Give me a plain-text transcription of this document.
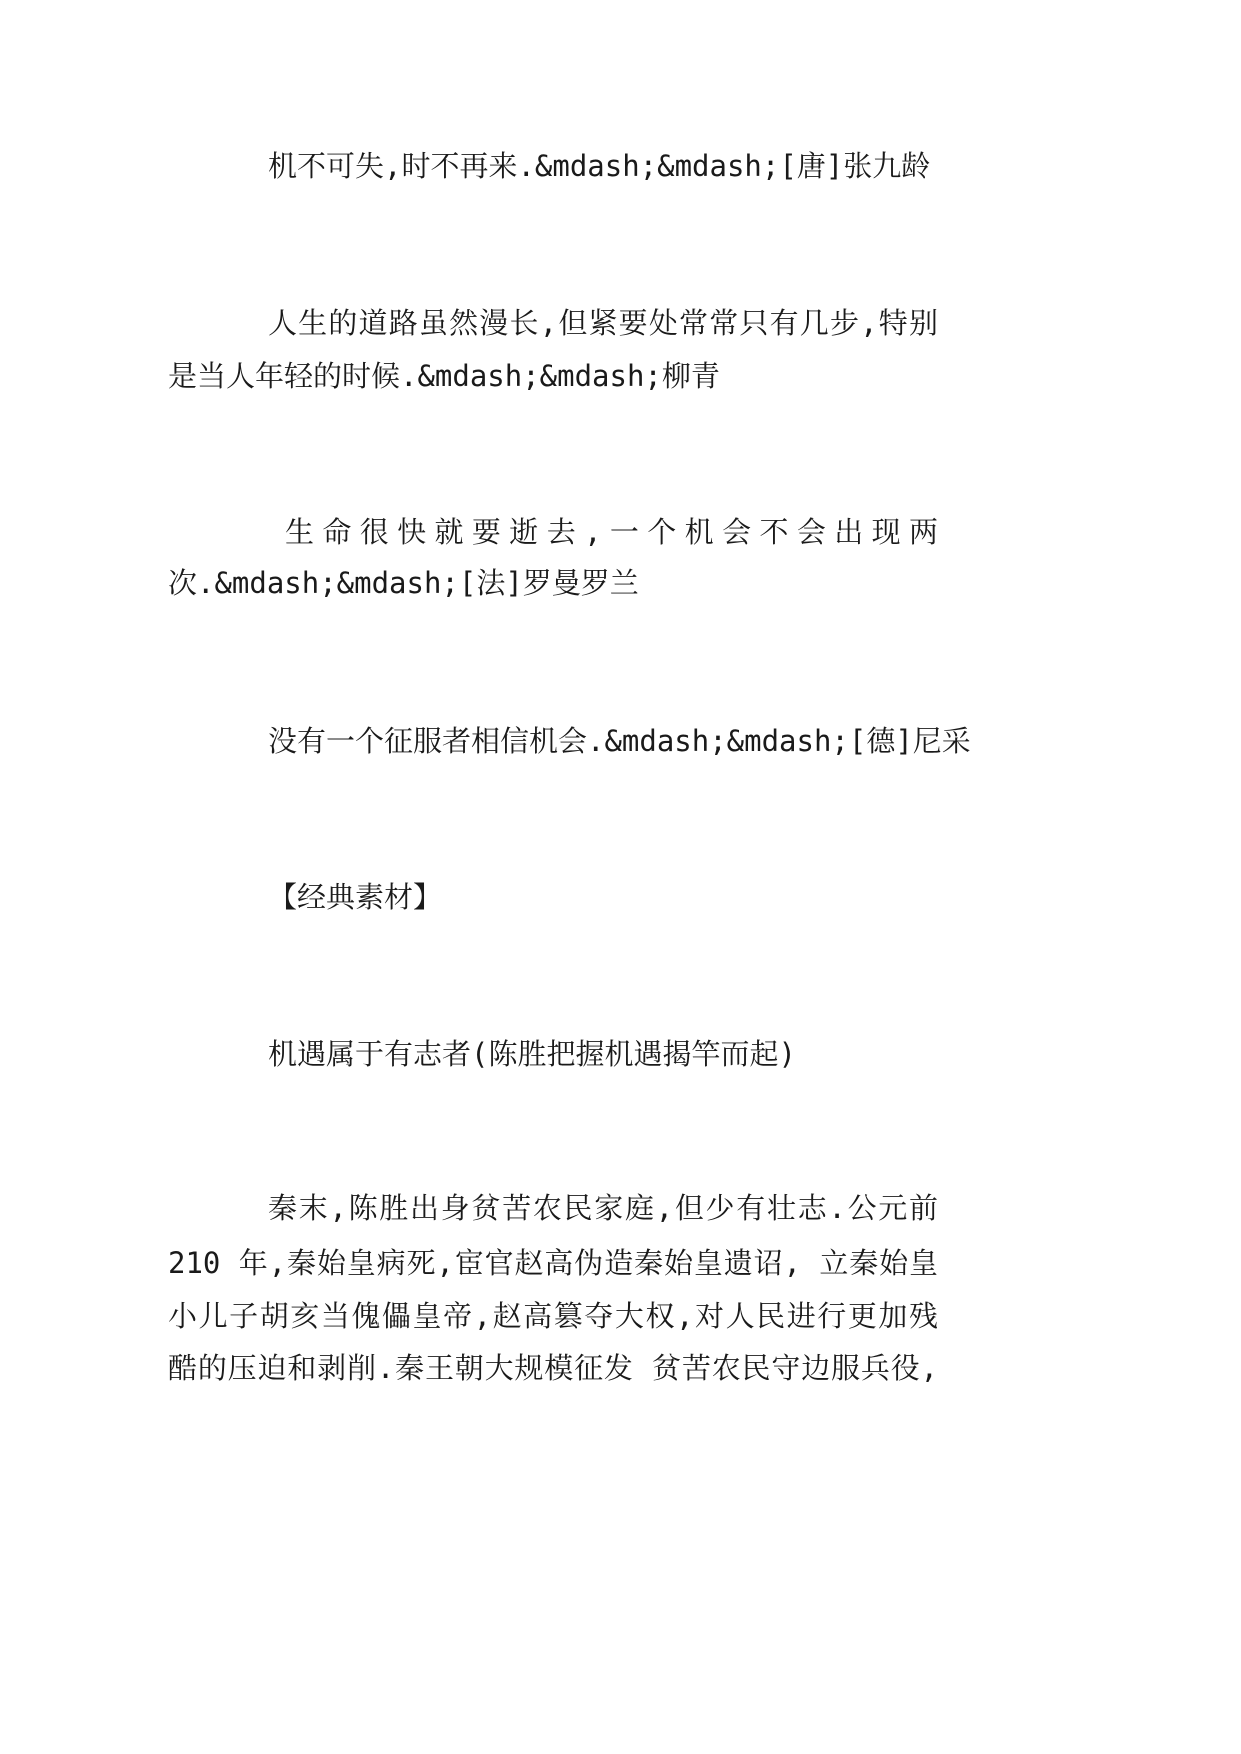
机不可失,时不再来.&mdash;&mdash;[唐]张九龄
人生的道路虽然漫长,但紧要处常常只有几步,特别
是当人年轻的时候.&mdash;&mdash;柳青
生命很快就要逝去,一个机会不会出现两
次.&mdash;&mdash;[法]罗曼罗兰
没有一个征服者相信机会.&mdash;&mdash;[德]尼采
【经典素材】
机遇属于有志者(陈胜把握机遇揭竿而起)
秦末,陈胜出身贫苦农民家庭,但少有壮志.公元前
210 年,秦始皇病死,宦官赵高伪造秦始皇遗诏, 立秦始皇
小儿子胡亥当傀儡皇帝,赵高篡夺大权,对人民进行更加残
酷的压迫和剥削.秦王朝大规模征发 贫苦农民守边服兵役,
